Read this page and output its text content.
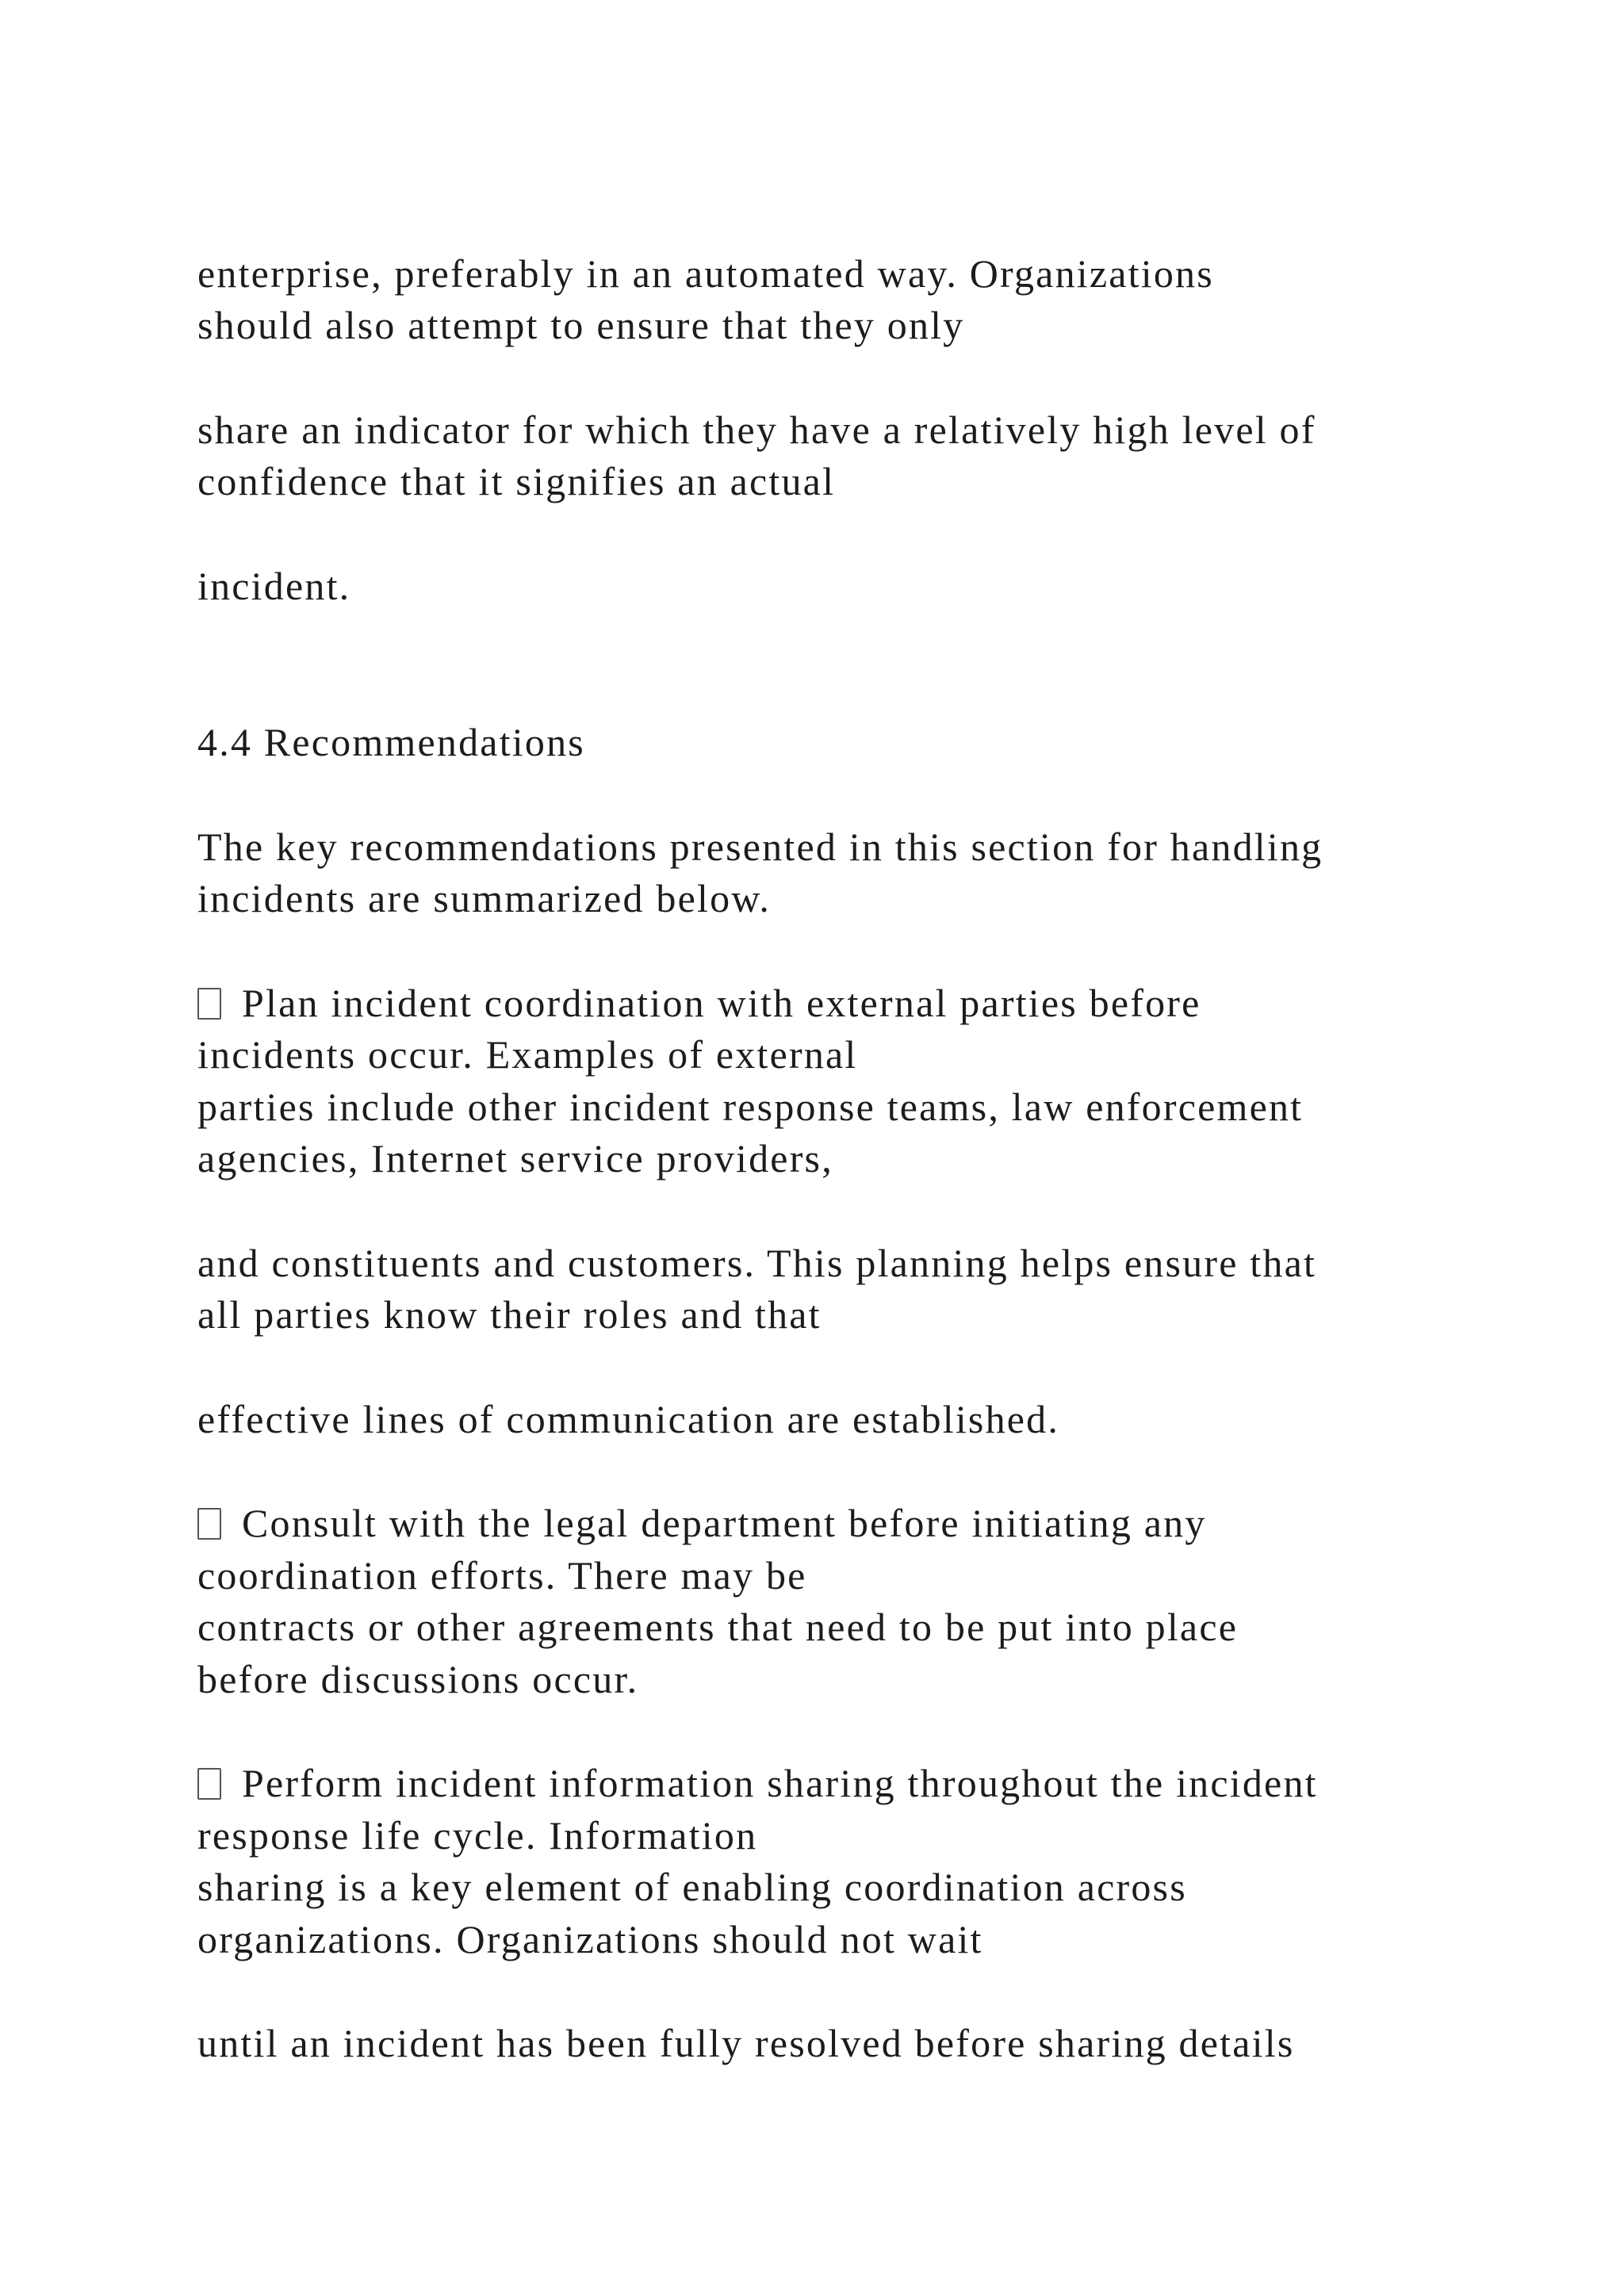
enterprise, preferably in an automated way. Organizations
should also attempt to ensure that they only
share an indicator for which they have a relatively high level of
confidence that it signifies an actual
incident.
4.4 Recommendations
The key recommendations presented in this section for handling
incidents are summarized below.
Plan incident coordination with external parties before
incidents occur. Examples of external
parties include other incident response teams, law enforcement
agencies, Internet service providers,
and constituents and customers. This planning helps ensure that
all parties know their roles and that
effective lines of communication are established.
Consult with the legal department before initiating any
coordination efforts. There may be
contracts or other agreements that need to be put into place
before discussions occur.
Perform incident information sharing throughout the incident
response life cycle. Information
sharing is a key element of enabling coordination across
organizations. Organizations should not wait
until an incident has been fully resolved before sharing details
